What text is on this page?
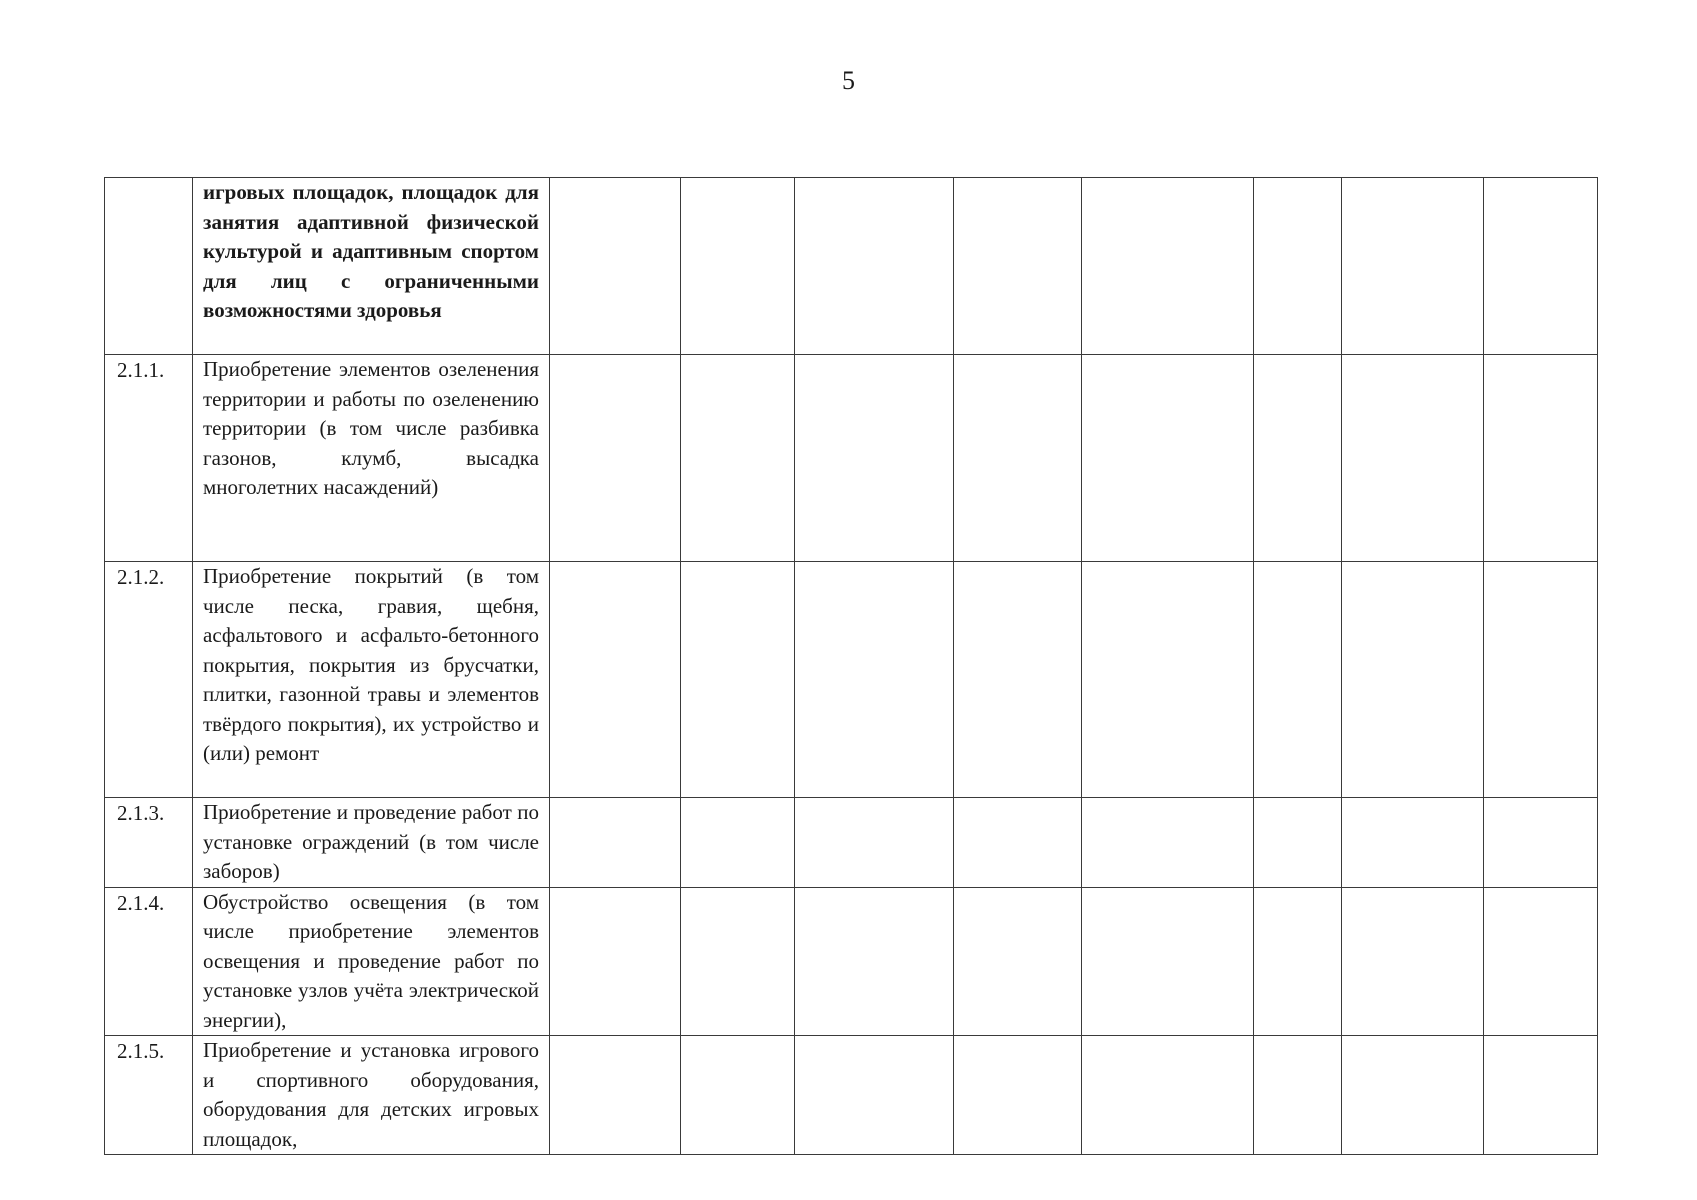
5
	игровых площадок, площадок для занятия адаптивной физической культурой и адаптивным спортом для лиц с ограниченными возможностями здоровья								
2.1.1.	Приобретение элементов озеленения территории и работы по озеленению территории (в том числе разбивка газонов, клумб, высадка многолетних насаждений)								
2.1.2.	Приобретение покрытий (в том числе песка, гравия, щебня, асфальтового и асфальто-бетонного покрытия, покрытия из брусчатки, плитки, газонной травы и элементов твёрдого покрытия), их устройство и (или) ремонт								
2.1.3.	Приобретение и проведение работ по установке ограждений (в том числе заборов)								
2.1.4.	Обустройство освещения (в том числе приобретение элементов освещения и проведение работ по установке узлов учёта электрической энергии),								
2.1.5.	Приобретение и установка игрового и спортивного оборудования, оборудования для детских игровых площадок,								
